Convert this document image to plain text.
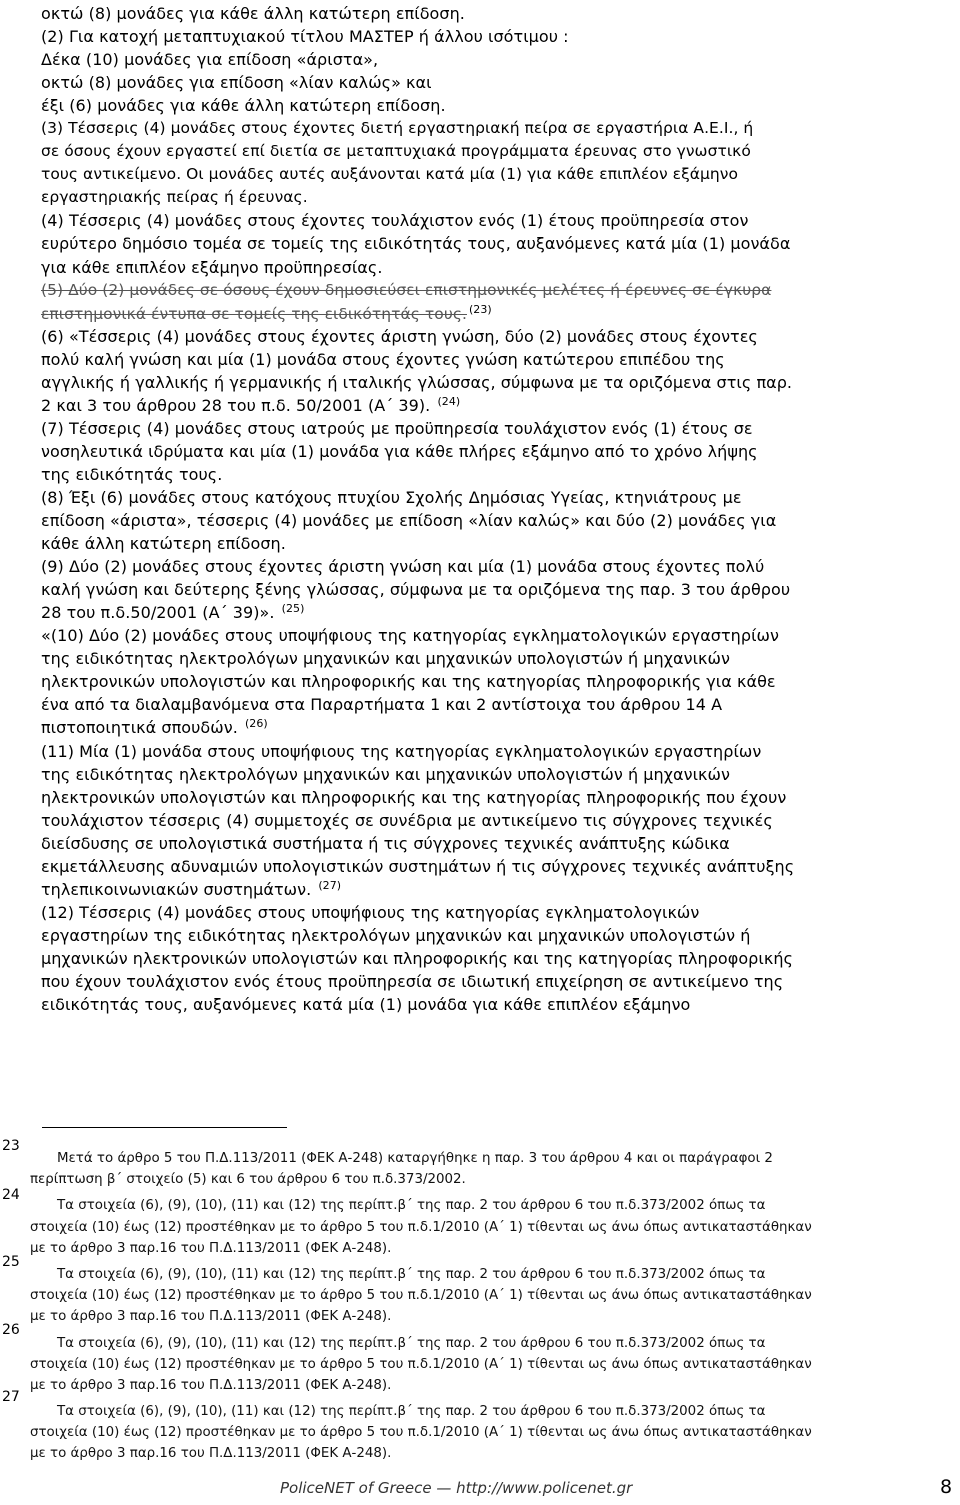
οκτώ (8) μονάδες για κάθε άλλη κατώτερη επίδοση.
(2) Για κατοχή μεταπτυχιακού τίτλου ΜΑΣΤΕΡ ή άλλου ισότιμου :
Δέκα (10) μονάδες για επίδοση «άριστα»,
οκτώ (8) μονάδες για επίδοση «λίαν καλώς» και
έξι (6) μονάδες για κάθε άλλη κατώτερη επίδοση.
(3) Τέσσερις (4) μονάδες στους έχοντες διετή εργαστηριακή πείρα σε εργαστήρια Α.Ε.Ι., ή
σε όσους έχουν εργαστεί επί διετία σε μεταπτυχιακά προγράμματα έρευνας στο γνωστικό
τους αντικείμενο. Οι μονάδες αυτές αυξάνονται κατά μία (1) για κάθε επιπλέον εξάμηνο
εργαστηριακής πείρας ή έρευνας.
(4) Τέσσερις (4) μονάδες στους έχοντες τουλάχιστον ενός (1) έτους προϋπηρεσία στον
ευρύτερο δημόσιο τομέα σε τομείς της ειδικότητάς τους, αυξανόμενες κατά μία (1) μονάδα
για κάθε επιπλέον εξάμηνο προϋπηρεσίας.
(5) Δύο (2) μονάδες σε όσους έχουν δημοσιεύσει επιστημονικές μελέτες ή έρευνες σε έγκυρα
επιστημονικά έντυπα σε τομείς της ειδικότητάς τους. $^{(23)}$
(6) «Τέσσερις (4) μονάδες στους έχοντες άριστη γνώση, δύο (2) μονάδες στους έχοντες
πολύ καλή γνώση και μία (1) μονάδα στους έχοντες γνώση κατώτερου επιπέδου της
αγγλικής ή γαλλικής ή γερμανικής ή ιταλικής γλώσσας, σύμφωνα με τα οριζόμενα στις παρ.
2 και 3 του άρθρου 28 του π.δ. 50/2001 (Α΄ 39). $^{(24)}$
(7) Τέσσερις (4) μονάδες στους ιατρούς με προϋπηρεσία τουλάχιστον ενός (1) έτους σε
νοσηλευτικά ιδρύματα και μία (1) μονάδα για κάθε πλήρες εξάμηνο από το χρόνο λήψης
της ειδικότητάς τους.
(8) Έξι (6) μονάδες στους κατόχους πτυχίου Σχολής Δημόσιας Υγείας, κτηνιάτρους με
επίδοση «άριστα», τέσσερις (4) μονάδες με επίδοση «λίαν καλώς» και δύο (2) μονάδες για
κάθε άλλη κατώτερη επίδοση.
(9) Δύο (2) μονάδες στους έχοντες άριστη γνώση και μία (1) μονάδα στους έχοντες πολύ
καλή γνώση και δεύτερης ξένης γλώσσας, σύμφωνα με τα οριζόμενα της παρ. 3 του άρθρου
28 του π.δ.50/2001 (Α΄ 39)». $^{(25)}$
«(10) Δύο (2) μονάδες στους υποψήφιους της κατηγορίας εγκληματολογικών εργαστηρίων
της ειδικότητας ηλεκτρολόγων μηχανικών και μηχανικών υπολογιστών ή μηχανικών
ηλεκτρονικών υπολογιστών και πληροφορικής και της κατηγορίας πληροφορικής για κάθε
ένα από τα διαλαμβανόμενα στα Παραρτήματα 1 και 2 αντίστοιχα του άρθρου 14 Α
πιστοποιητικά σπουδών. $^{(26)}$
(11) Μία (1) μονάδα στους υποψήφιους της κατηγορίας εγκληματολογικών εργαστηρίων
της ειδικότητας ηλεκτρολόγων μηχανικών και μηχανικών υπολογιστών ή μηχανικών
ηλεκτρονικών υπολογιστών και πληροφορικής και της κατηγορίας πληροφορικής που έχουν
τουλάχιστον τέσσερις (4) συμμετοχές σε συνέδρια με αντικείμενο τις σύγχρονες τεχνικές
διείσδυσης σε υπολογιστικά συστήματα ή τις σύγχρονες τεχνικές ανάπτυξης κώδικα
εκμετάλλευσης αδυναμιών υπολογιστικών συστημάτων ή τις σύγχρονες τεχνικές ανάπτυξης
τηλεπικοινωνιακών συστημάτων. $^{(27)}$
(12) Τέσσερις (4) μονάδες στους υποψήφιους της κατηγορίας εγκληματολογικών
εργαστηρίων της ειδικότητας ηλεκτρολόγων μηχανικών και μηχανικών υπολογιστών ή
μηχανικών ηλεκτρονικών υπολογιστών και πληροφορικής και της κατηγορίας πληροφορικής
που έχουν τουλάχιστον ενός έτους προϋπηρεσία σε ιδιωτική επιχείρηση σε αντικείμενο της
ειδικότητάς τους, αυξανόμενες κατά μία (1) μονάδα για κάθε επιπλέον εξάμηνο
23
24
25
26
27
Μετά το άρθρο 5 του Π.Δ.113/2011 (ΦΕΚ Α-248) καταργήθηκε η παρ. 3 του άρθρου 4 και οι παράγραφοι 2
περίπτωση β΄ στοιχείο (5) και 6 του άρθρου 6 του π.δ.373/2002.
Τα στοιχεία (6), (9), (10), (11) και (12) της περίπτ.β΄ της παρ. 2 του άρθρου 6 του π.δ.373/2002 όπως τα
στοιχεία (10) έως (12) προστέθηκαν με το άρθρο 5 του π.δ.1/2010 (Α΄ 1) τίθενται ως άνω όπως αντικαταστάθηκαν
με το άρθρο 3 παρ.16 του Π.Δ.113/2011 (ΦΕΚ Α-248).
Τα στοιχεία (6), (9), (10), (11) και (12) της περίπτ.β΄ της παρ. 2 του άρθρου 6 του π.δ.373/2002 όπως τα
στοιχεία (10) έως (12) προστέθηκαν με το άρθρο 5 του π.δ.1/2010 (Α΄ 1) τίθενται ως άνω όπως αντικαταστάθηκαν
με το άρθρο 3 παρ.16 του Π.Δ.113/2011 (ΦΕΚ Α-248).
Τα στοιχεία (6), (9), (10), (11) και (12) της περίπτ.β΄ της παρ. 2 του άρθρου 6 του π.δ.373/2002 όπως τα
στοιχεία (10) έως (12) προστέθηκαν με το άρθρο 5 του π.δ.1/2010 (Α΄ 1) τίθενται ως άνω όπως αντικαταστάθηκαν
με το άρθρο 3 παρ.16 του Π.Δ.113/2011 (ΦΕΚ Α-248).
Τα στοιχεία (6), (9), (10), (11) και (12) της περίπτ.β΄ της παρ. 2 του άρθρου 6 του π.δ.373/2002 όπως τα
στοιχεία (10) έως (12) προστέθηκαν με το άρθρο 5 του π.δ.1/2010 (Α΄ 1) τίθενται ως άνω όπως αντικαταστάθηκαν
με το άρθρο 3 παρ.16 του Π.Δ.113/2011 (ΦΕΚ Α-248).
PoliceNET of Greece — http://www.policenet.gr	8
